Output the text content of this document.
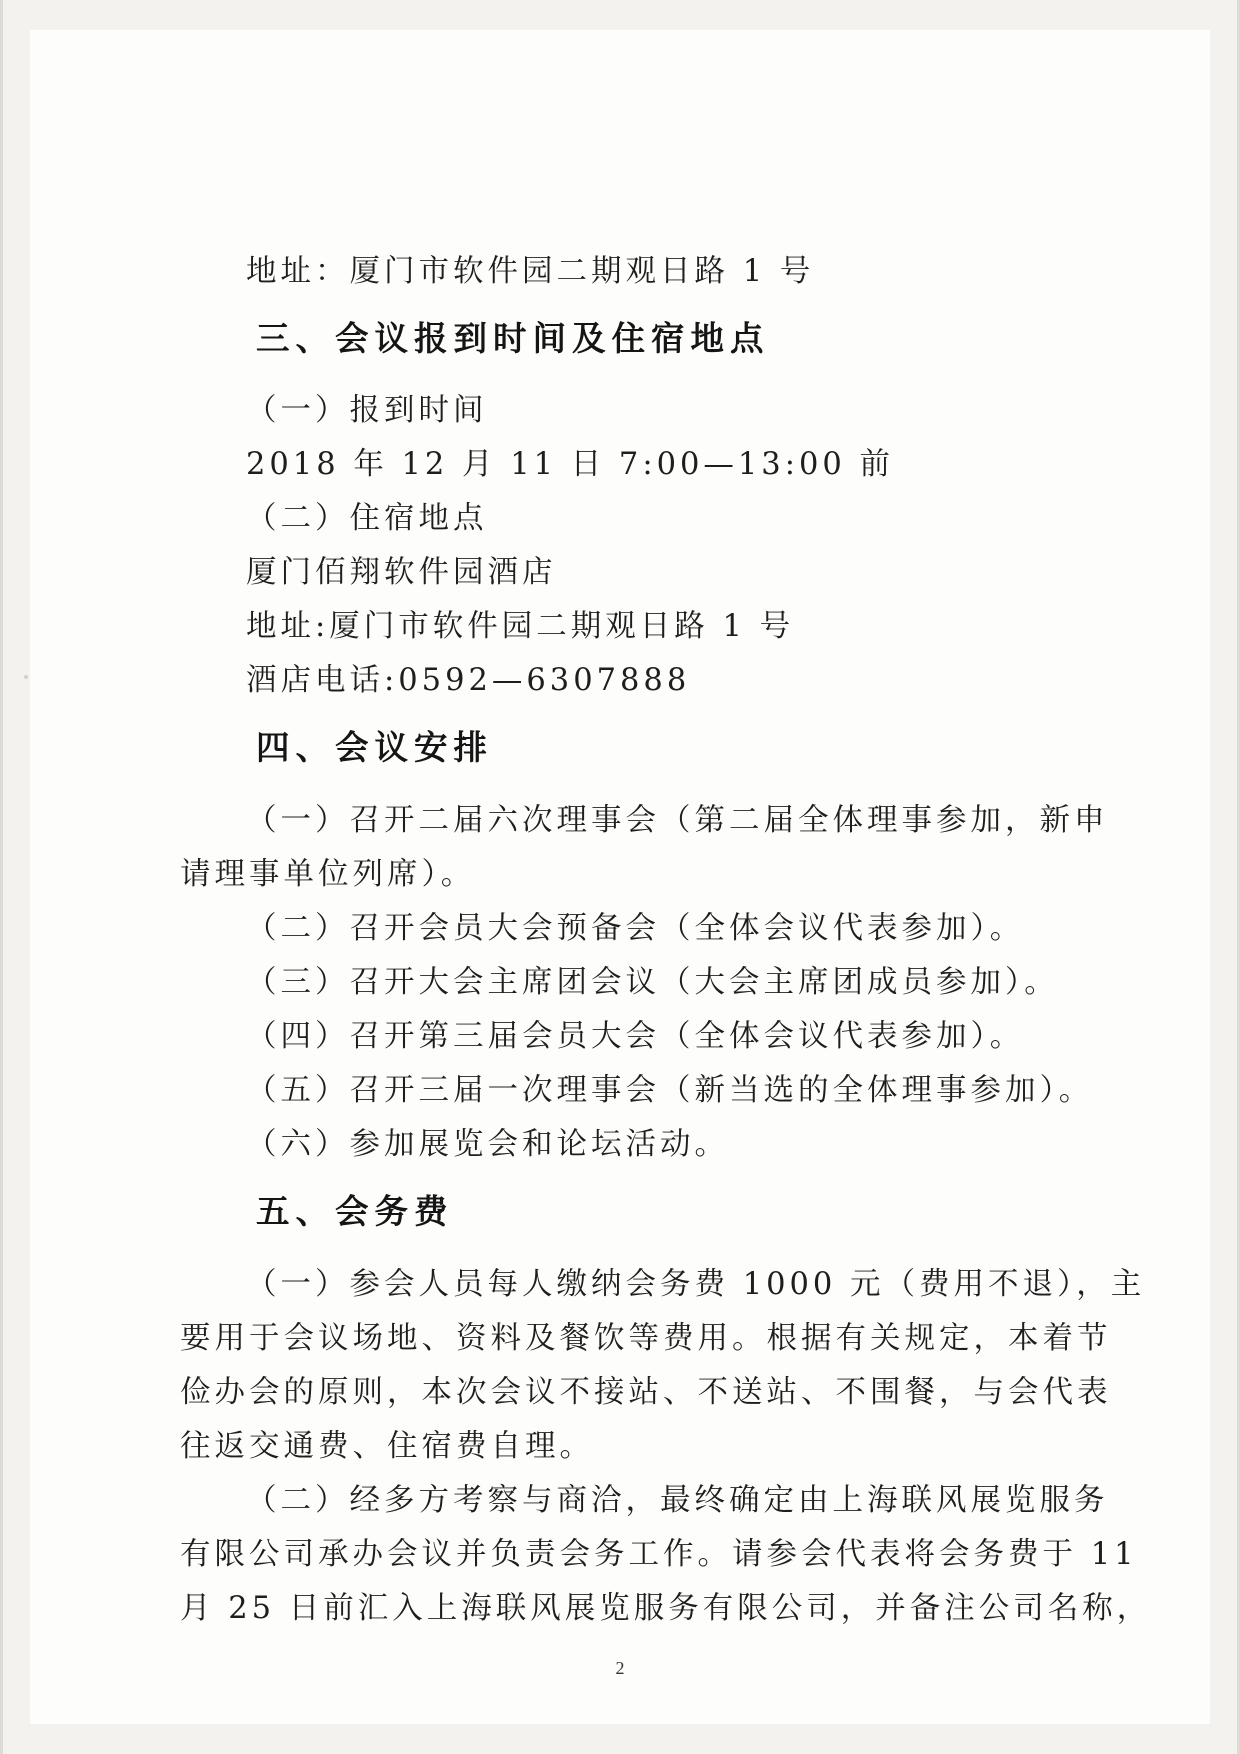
地址：厦门市软件园二期观日路 1 号
三、会议报到时间及住宿地点
（一）报到时间
2018 年 12 月 11 日 7:00—13:00 前
（二）住宿地点
厦门佰翔软件园酒店
地址:厦门市软件园二期观日路 1 号
酒店电话:0592—6307888
四、会议安排
（一）召开二届六次理事会（第二届全体理事参加，新申
请理事单位列席）。
（二）召开会员大会预备会（全体会议代表参加）。
（三）召开大会主席团会议（大会主席团成员参加）。
（四）召开第三届会员大会（全体会议代表参加）。
（五）召开三届一次理事会（新当选的全体理事参加）。
（六）参加展览会和论坛活动。
五、会务费
（一）参会人员每人缴纳会务费 1000 元（费用不退），主
要用于会议场地、资料及餐饮等费用。根据有关规定，本着节
俭办会的原则，本次会议不接站、不送站、不围餐，与会代表
往返交通费、住宿费自理。
（二）经多方考察与商洽，最终确定由上海联风展览服务
有限公司承办会议并负责会务工作。请参会代表将会务费于 11
月 25 日前汇入上海联风展览服务有限公司，并备注公司名称，
2
